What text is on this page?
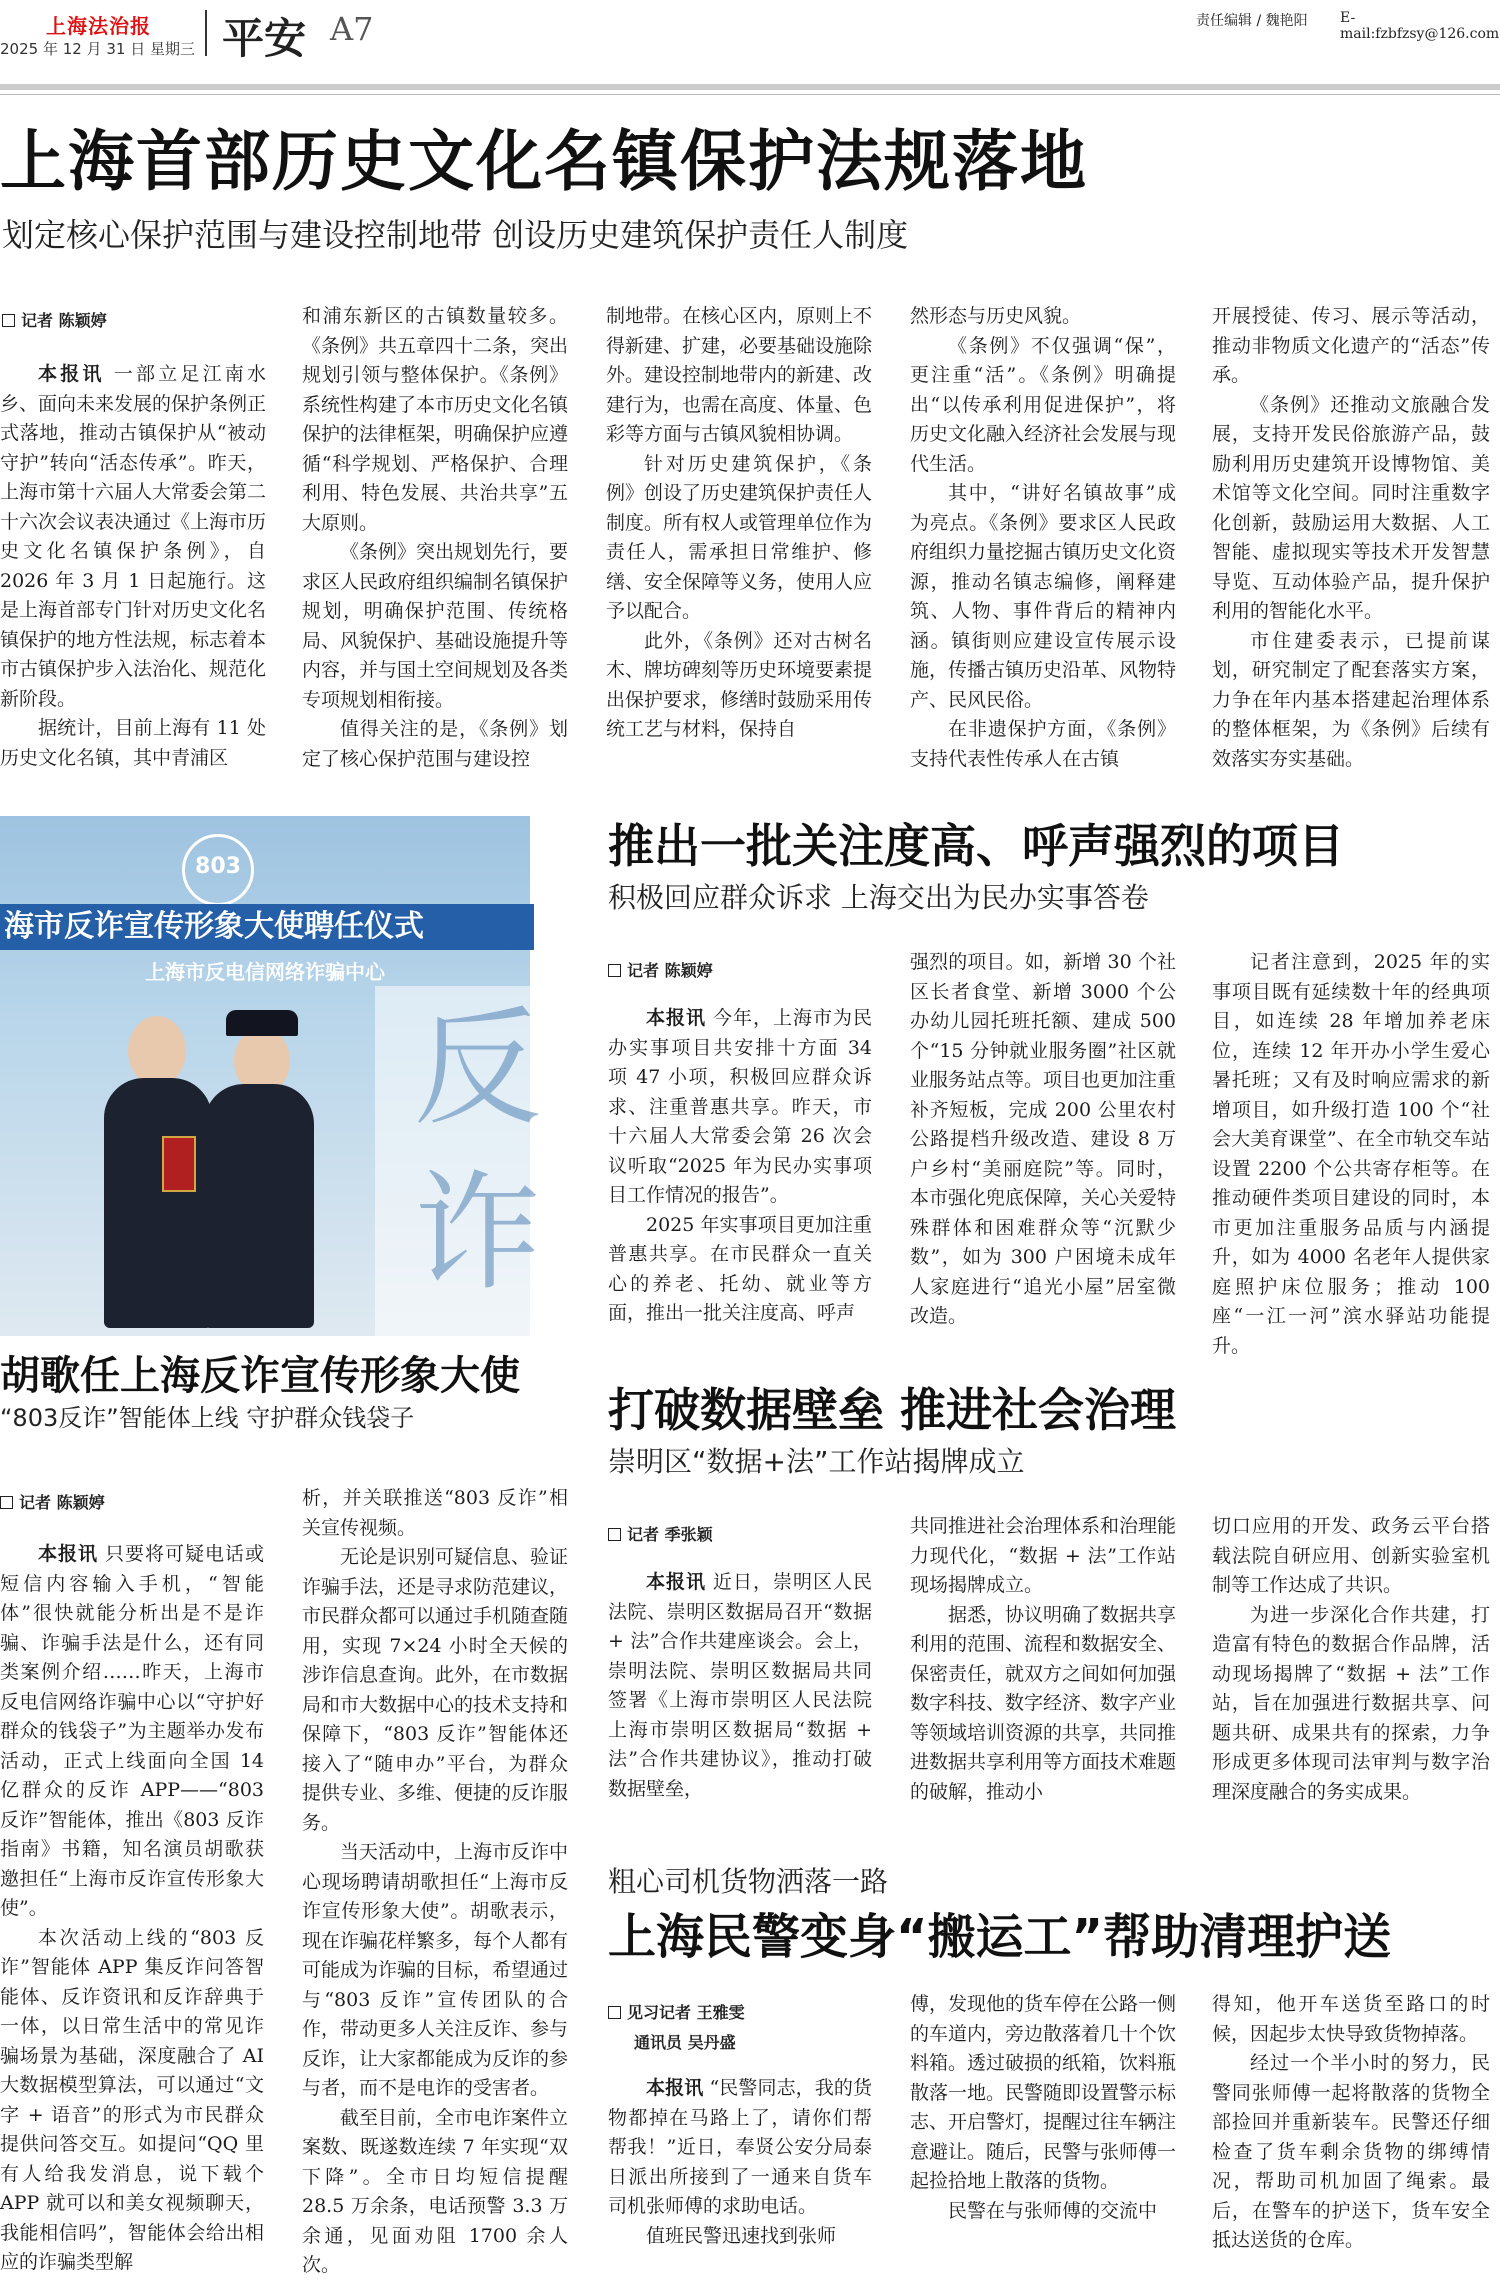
上海法治报
2025 年 12 月 31 日 星期三 平安 A7	责任编辑 / 魏艳阳 E-mail:fzbfzsy@126.com
上海首部历史文化名镇保护法规落地
划定核心保护范围与建设控制地带 创设历史建筑保护责任人制度
记者 陈颖婷

本报讯 一部立足江南水乡、面向未来发展的保护条例正式落地，推动古镇保护从“被动守护”转向“活态传承”。昨天，上海市第十六届人大常委会第二十六次会议表决通过《上海市历史文化名镇保护条例》，自 2026 年 3 月 1 日起施行。这是上海首部专门针对历史文化名镇保护的地方性法规，标志着本市古镇保护步入法治化、规范化新阶段。

据统计，目前上海有 11 处历史文化名镇，其中青浦区

和浦东新区的古镇数量较多。《条例》共五章四十二条，突出规划引领与整体保护。《条例》系统性构建了本市历史文化名镇保护的法律框架，明确保护应遵循“科学规划、严格保护、合理利用、特色发展、共治共享”五大原则。

《条例》突出规划先行，要求区人民政府组织编制名镇保护规划，明确保护范围、传统格局、风貌保护、基础设施提升等内容，并与国土空间规划及各类专项规划相衔接。

值得关注的是，《条例》划定了核心保护范围与建设控

制地带。在核心区内，原则上不得新建、扩建，必要基础设施除外。建设控制地带内的新建、改建行为，也需在高度、体量、色彩等方面与古镇风貌相协调。

针对历史建筑保护，《条例》创设了历史建筑保护责任人制度。所有权人或管理单位作为责任人，需承担日常维护、修缮、安全保障等义务，使用人应予以配合。

此外，《条例》还对古树名木、牌坊碑刻等历史环境要素提出保护要求，修缮时鼓励采用传统工艺与材料，保持自

然形态与历史风貌。

《条例》不仅强调“保”，更注重“活”。《条例》明确提出“以传承利用促进保护”，将历史文化融入经济社会发展与现代生活。

其中，“讲好名镇故事”成为亮点。《条例》要求区人民政府组织力量挖掘古镇历史文化资源，推动名镇志编修，阐释建筑、人物、事件背后的精神内涵。镇街则应建设宣传展示设施，传播古镇历史沿革、风物特产、民风民俗。

在非遗保护方面，《条例》支持代表性传承人在古镇

开展授徒、传习、展示等活动，推动非物质文化遗产的“活态”传承。

《条例》还推动文旅融合发展，支持开发民俗旅游产品，鼓励利用历史建筑开设博物馆、美术馆等文化空间。同时注重数字化创新，鼓励运用大数据、人工智能、虚拟现实等技术开发智慧导览、互动体验产品，提升保护利用的智能化水平。

市住建委表示，已提前谋划，研究制定了配套落实方案，力争在年内基本搭建起治理体系的整体框架，为《条例》后续有效落实夯实基础。

803
海市反诈宣传形象大使聘任仪式
上海市反电信网络诈骗中心
反诈
推出一批关注度高、呼声强烈的项目
积极回应群众诉求 上海交出为民办实事答卷
记者 陈颖婷

本报讯 今年，上海市为民办实事项目共安排十方面 34 项 47 小项，积极回应群众诉求、注重普惠共享。昨天，市十六届人大常委会第 26 次会议听取“2025 年为民办实事项目工作情况的报告”。

2025 年实事项目更加注重普惠共享。在市民群众一直关心的养老、托幼、就业等方面，推出一批关注度高、呼声

强烈的项目。如，新增 30 个社区长者食堂、新增 3000 个公办幼儿园托班托额、建成 500 个“15 分钟就业服务圈”社区就业服务站点等。项目也更加注重补齐短板，完成 200 公里农村公路提档升级改造、建设 8 万户乡村“美丽庭院”等。同时，本市强化兜底保障，关心关爱特殊群体和困难群众等“沉默少数”，如为 300 户困境未成年人家庭进行“追光小屋”居室微改造。

记者注意到，2025 年的实事项目既有延续数十年的经典项目，如连续 28 年增加养老床位，连续 12 年开办小学生爱心暑托班；又有及时响应需求的新增项目，如升级打造 100 个“社会大美育课堂”、在全市轨交车站设置 2200 个公共寄存柜等。在推动硬件类项目建设的同时，本市更加注重服务品质与内涵提升，如为 4000 名老年人提供家庭照护床位服务；推动 100 座“一江一河”滨水驿站功能提升。

胡歌任上海反诈宣传形象大使
“803反诈”智能体上线 守护群众钱袋子
记者 陈颖婷

本报讯 只要将可疑电话或短信内容输入手机，“智能体”很快就能分析出是不是诈骗、诈骗手法是什么，还有同类案例介绍……昨天，上海市反电信网络诈骗中心以“守护好群众的钱袋子”为主题举办发布活动，正式上线面向全国 14 亿群众的反诈 APP——“803 反诈”智能体，推出《803 反诈指南》书籍，知名演员胡歌获邀担任“上海市反诈宣传形象大使”。

本次活动上线的“803 反诈”智能体 APP 集反诈问答智能体、反诈资讯和反诈辞典于一体，以日常生活中的常见诈骗场景为基础，深度融合了 AI 大数据模型算法，可以通过“文字 + 语音”的形式为市民群众提供问答交互。如提问“QQ 里有人给我发消息，说下载个 APP 就可以和美女视频聊天，我能相信吗”，智能体会给出相应的诈骗类型解

析，并关联推送“803 反诈”相关宣传视频。

无论是识别可疑信息、验证诈骗手法，还是寻求防范建议，市民群众都可以通过手机随查随用，实现 7×24 小时全天候的涉诈信息查询。此外，在市数据局和市大数据中心的技术支持和保障下，“803 反诈”智能体还接入了“随申办”平台，为群众提供专业、多维、便捷的反诈服务。

当天活动中，上海市反诈中心现场聘请胡歌担任“上海市反诈宣传形象大使”。胡歌表示，现在诈骗花样繁多，每个人都有可能成为诈骗的目标，希望通过与“803 反诈”宣传团队的合作，带动更多人关注反诈、参与反诈，让大家都能成为反诈的参与者，而不是电诈的受害者。

截至目前，全市电诈案件立案数、既遂数连续 7 年实现“双下降”。全市日均短信提醒 28.5 万余条，电话预警 3.3 万余通，见面劝阻 1700 余人次。

打破数据壁垒 推进社会治理
崇明区“数据+法”工作站揭牌成立
记者 季张颖

本报讯 近日，崇明区人民法院、崇明区数据局召开“数据 + 法”合作共建座谈会。会上，崇明法院、崇明区数据局共同签署《上海市崇明区人民法院 上海市崇明区数据局“数据 + 法”合作共建协议》，推动打破数据壁垒，

共同推进社会治理体系和治理能力现代化，“数据 + 法”工作站现场揭牌成立。

据悉，协议明确了数据共享利用的范围、流程和数据安全、保密责任，就双方之间如何加强数字科技、数字经济、数字产业等领域培训资源的共享，共同推进数据共享利用等方面技术难题的破解，推动小

切口应用的开发、政务云平台搭载法院自研应用、创新实验室机制等工作达成了共识。

为进一步深化合作共建，打造富有特色的数据合作品牌，活动现场揭牌了“数据 + 法”工作站，旨在加强进行数据共享、问题共研、成果共有的探索，力争形成更多体现司法审判与数字治理深度融合的务实成果。

粗心司机货物洒落一路
上海民警变身“搬运工”帮助清理护送
见习记者 王雅雯
通讯员 吴丹盛

本报讯 “民警同志，我的货物都掉在马路上了，请你们帮帮我！”近日，奉贤公安分局泰日派出所接到了一通来自货车司机张师傅的求助电话。

值班民警迅速找到张师

傅，发现他的货车停在公路一侧的车道内，旁边散落着几十个饮料箱。透过破损的纸箱，饮料瓶散落一地。民警随即设置警示标志、开启警灯，提醒过往车辆注意避让。随后，民警与张师傅一起捡拾地上散落的货物。

民警在与张师傅的交流中

得知，他开车送货至路口的时候，因起步太快导致货物掉落。

经过一个半小时的努力，民警同张师傅一起将散落的货物全部捡回并重新装车。民警还仔细检查了货车剩余货物的绑缚情况，帮助司机加固了绳索。最后，在警车的护送下，货车安全抵达送货的仓库。
